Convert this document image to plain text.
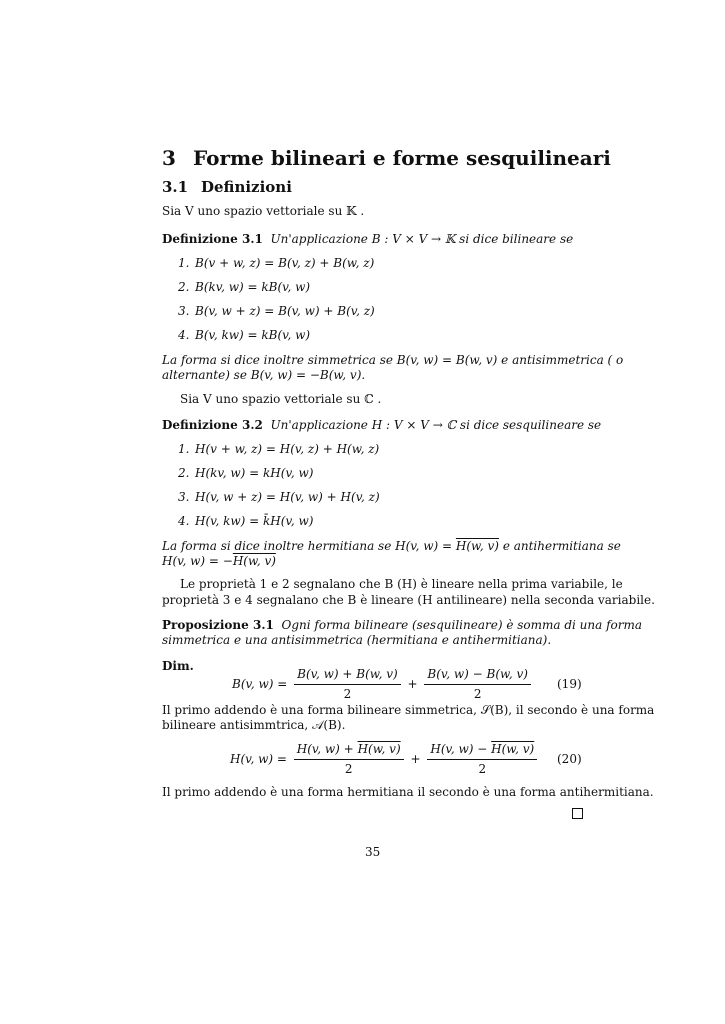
3 Forme bilineari e forme sesquilineari
3.1 Definizioni
Sia V uno spazio vettoriale su 𝕂 .
Definizione 3.1 Un'applicazione B : V × V → 𝕂 si dice bilineare se
1. B(v + w, z) = B(v, z) + B(w, z)
2. B(kv, w) = kB(v, w)
3. B(v, w + z) = B(v, w) + B(v, z)
4. B(v, kw) = kB(v, w)
La forma si dice inoltre simmetrica se B(v, w) = B(w, v) e antisimmetrica ( o
alternante) se B(v, w) = −B(w, v).
Sia V uno spazio vettoriale su ℂ .
Definizione 3.2 Un'applicazione H : V × V → ℂ si dice sesquilineare se
1. H(v + w, z) = H(v, z) + H(w, z)
2. H(kv, w) = kH(v, w)
3. H(v, w + z) = H(v, w) + H(v, z)
4. H(v, kw) = k̄H(v, w)
La forma si dice inoltre hermitiana se H(v, w) = H(w, v) e antihermitiana se
H(v, w) = −H(w, v)
Le proprietà 1 e 2 segnalano che B (H) è lineare nella prima variabile, le
proprietà 3 e 4 segnalano che B è lineare (H antilineare) nella seconda variabile.
Proposizione 3.1 Ogni forma bilineare (sesquilineare) è somma di una forma
simmetrica e una antisimmetrica (hermitiana e antihermitiana).
Dim.
B(v, $w) = \frac{B(v, w) + B(w, v)}{2} + \frac{B(v, w) - B(w, v)}{2} (19)$
Il primo addendo è una forma bilineare simmetrica, 𝒮(B), il secondo è una forma
bilineare antisimmtrica, 𝒜(B).
H(v, $w) = \frac{H(v, w) + H(w, v)}{2} + \frac{H(v, w) - H(w, v)}{2} (20)$
Il primo addendo è una forma hermitiana il secondo è una forma antihermitiana.
35
